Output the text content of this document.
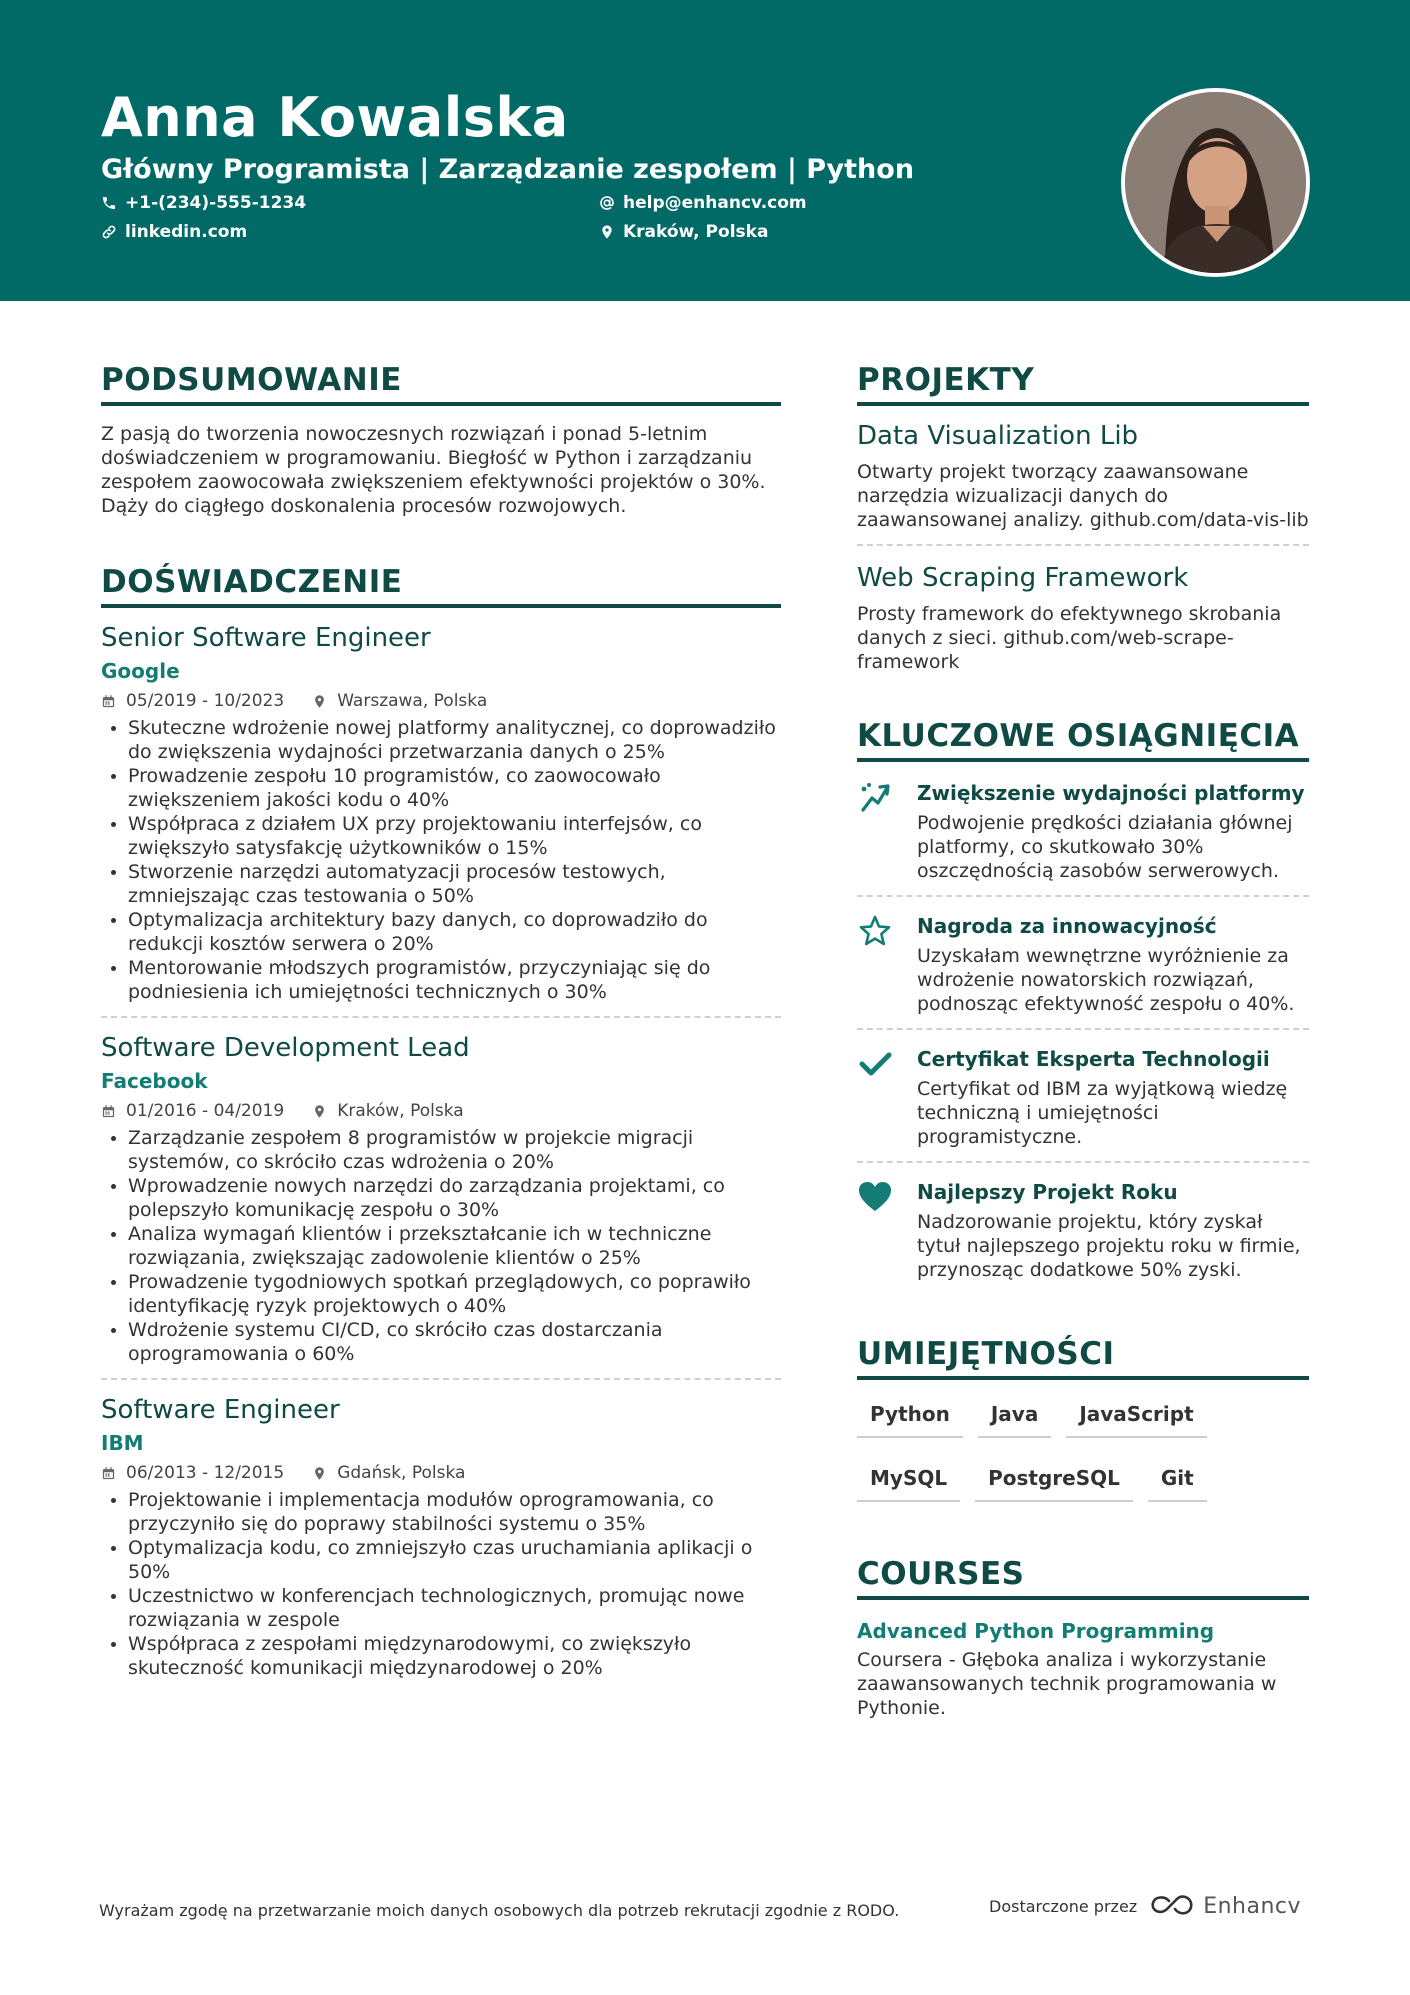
Anna Kowalska
Główny Programista | Zarządzanie zespołem | Python
+1-(234)-555-1234	help@enhancv.com
linkedin.com	Kraków, Polska
PODSUMOWANIE

Z pasją do tworzenia nowoczesnych rozwiązań i ponad 5-letnim doświadczeniem w programowaniu. Biegłość w Python i zarządzaniu zespołem zaowocowała zwiększeniem efektywności projektów o 30%. Dąży do ciągłego doskonalenia procesów rozwojowych.

DOŚWIADCZENIE
Senior Software Engineer
Google
05/2019 - 10/2023	Warszawa, Polska
Skuteczne wdrożenie nowej platformy analitycznej, co doprowadziło do zwiększenia wydajności przetwarzania danych o 25%
Prowadzenie zespołu 10 programistów, co zaowocowało zwiększeniem jakości kodu o 40%
Współpraca z działem UX przy projektowaniu interfejsów, co zwiększyło satysfakcję użytkowników o 15%
Stworzenie narzędzi automatyzacji procesów testowych, zmniejszając czas testowania o 50%
Optymalizacja architektury bazy danych, co doprowadziło do redukcji kosztów serwera o 20%
Mentorowanie młodszych programistów, przyczyniając się do podniesienia ich umiejętności technicznych o 30%
Software Development Lead
Facebook
01/2016 - 04/2019	Kraków, Polska
Zarządzanie zespołem 8 programistów w projekcie migracji systemów, co skróciło czas wdrożenia o 20%
Wprowadzenie nowych narzędzi do zarządzania projektami, co polepszyło komunikację zespołu o 30%
Analiza wymagań klientów i przekształcanie ich w techniczne rozwiązania, zwiększając zadowolenie klientów o 25%
Prowadzenie tygodniowych spotkań przeglądowych, co poprawiło identyfikację ryzyk projektowych o 40%
Wdrożenie systemu CI/CD, co skróciło czas dostarczania oprogramowania o 60%
Software Engineer
IBM
06/2013 - 12/2015	Gdańsk, Polska
Projektowanie i implementacja modułów oprogramowania, co przyczyniło się do poprawy stabilności systemu o 35%
Optymalizacja kodu, co zmniejszyło czas uruchamiania aplikacji o 50%
Uczestnictwo w konferencjach technologicznych, promując nowe rozwiązania w zespole
Współpraca z zespołami międzynarodowymi, co zwiększyło skuteczność komunikacji międzynarodowej o 20%
PROJEKTY
Data Visualization Lib

Otwarty projekt tworzący zaawansowane narzędzia wizualizacji danych do zaawansowanej analizy. github.com/data-vis-lib

Web Scraping Framework

Prosty framework do efektywnego skrobania danych z sieci. github.com/web-scrape-framework

KLUCZOWE OSIĄGNIĘCIA
Zwiększenie wydajności platformy

Podwojenie prędkości działania głównej platformy, co skutkowało 30% oszczędnością zasobów serwerowych.

Nagroda za innowacyjność

Uzyskałam wewnętrzne wyróżnienie za wdrożenie nowatorskich rozwiązań, podnosząc efektywność zespołu o 40%.

Certyfikat Eksperta Technologii

Certyfikat od IBM za wyjątkową wiedzę techniczną i umiejętności programistyczne.

Najlepszy Projekt Roku

Nadzorowanie projektu, który zyskał tytuł najlepszego projektu roku w firmie, przynosząc dodatkowe 50% zyski.

UMIEJĘTNOŚCI
Python	Java	JavaScript
MySQL	PostgreSQL	Git
COURSES
Advanced Python Programming

Coursera - Głęboka analiza i wykorzystanie zaawansowanych technik programowania w Pythonie.

Wyrażam zgodę na przetwarzanie moich danych osobowych dla potrzeb rekrutacji zgodnie z RODO.	Dostarczone przez	Enhancv
